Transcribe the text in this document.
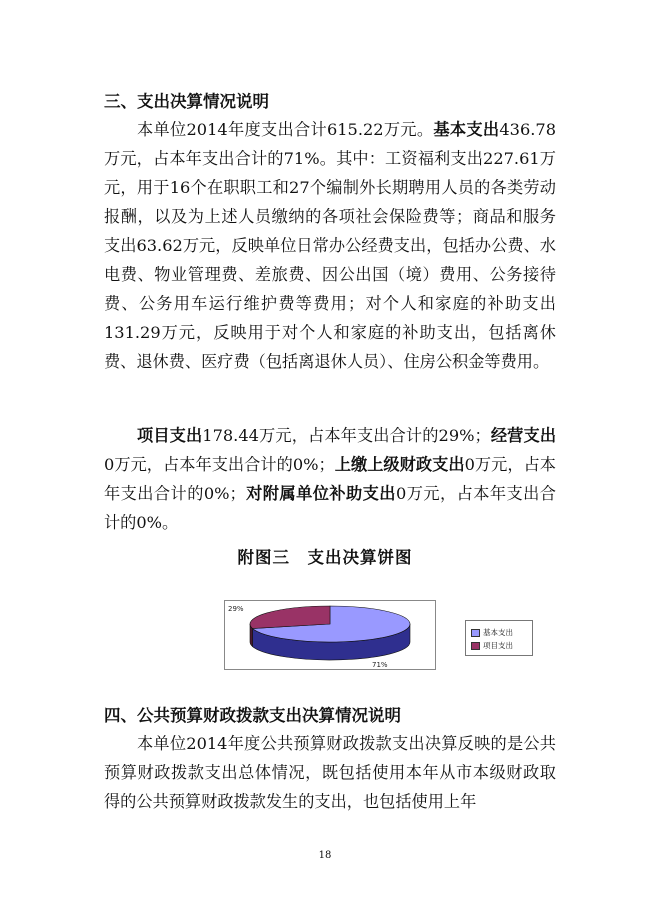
三、支出决算情况说明

本单位2014年度支出合计615.22万元。基本支出436.78万元，占本年支出合计的71%。其中：工资福利支出227.61万元，用于16个在职职工和27个编制外长期聘用人员的各类劳动报酬，以及为上述人员缴纳的各项社会保险费等；商品和服务支出63.62万元，反映单位日常办公经费支出，包括办公费、水电费、物业管理费、差旅费、因公出国（境）费用、公务接待费、公务用车运行维护费等费用；对个人和家庭的补助支出131.29万元，反映用于对个人和家庭的补助支出，包括离休费、退休费、医疗费（包括离退休人员）、住房公积金等费用。

项目支出178.44万元，占本年支出合计的29%；经营支出0万元，占本年支出合计的0%；上缴上级财政支出0万元，占本年支出合计的0%；对附属单位补助支出0万元，占本年支出合计的0%。

附图三　支出决算饼图
71%
29%
基本支出
项目支出
四、公共预算财政拨款支出决算情况说明

本单位2014年度公共预算财政拨款支出决算反映的是公共预算财政拨款支出总体情况，既包括使用本年从市本级财政取得的公共预算财政拨款发生的支出，也包括使用上年

18
